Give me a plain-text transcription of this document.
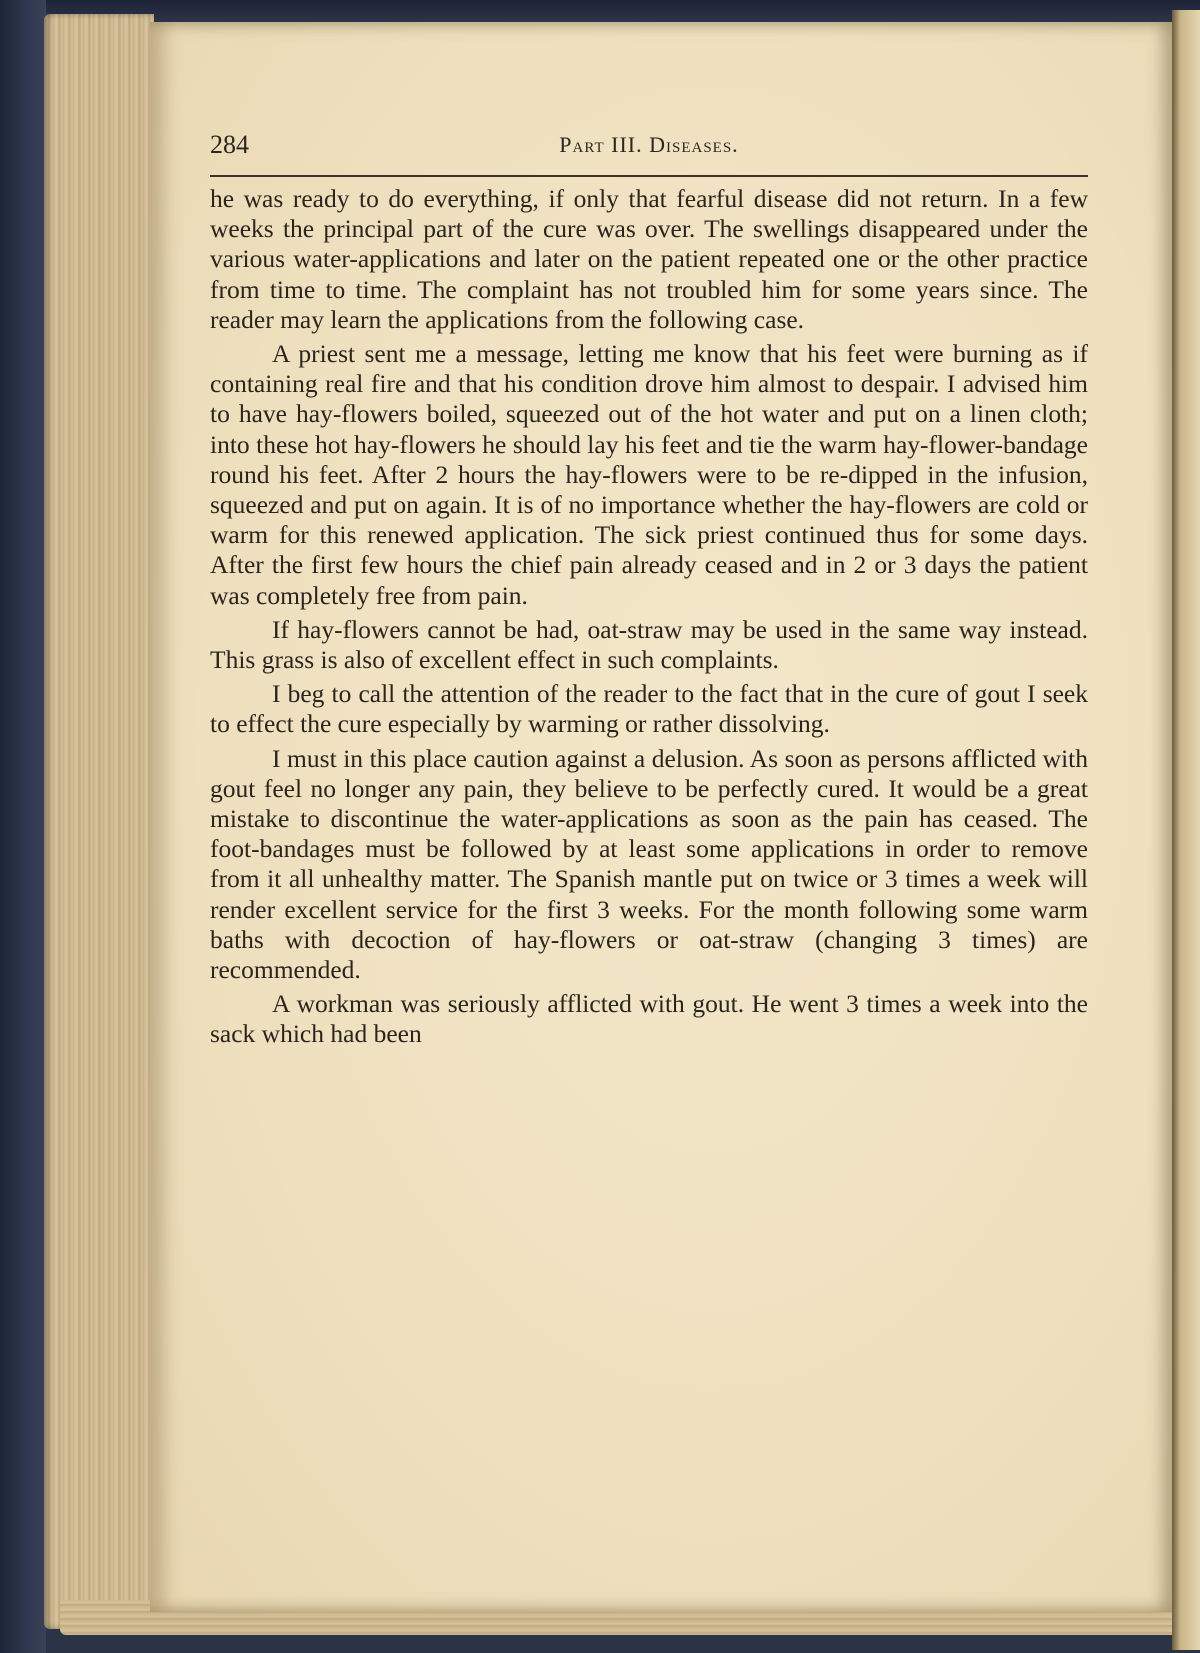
284	Part III. Diseases.

he was ready to do everything, if only that fearful disease did not return. In a few weeks the principal part of the cure was over. The swellings disappeared under the various water-applications and later on the patient repeated one or the other practice from time to time. The complaint has not troubled him for some years since. The reader may learn the applications from the following case.

A priest sent me a message, letting me know that his feet were burning as if containing real fire and that his condition drove him almost to despair. I advised him to have hay-flowers boiled, squeezed out of the hot water and put on a linen cloth; into these hot hay-flowers he should lay his feet and tie the warm hay-flower-bandage round his feet. After 2 hours the hay-flowers were to be re-dipped in the infusion, squeezed and put on again. It is of no importance whether the hay-flowers are cold or warm for this renewed application. The sick priest continued thus for some days. After the first few hours the chief pain already ceased and in 2 or 3 days the patient was completely free from pain.

If hay-flowers cannot be had, oat-straw may be used in the same way instead. This grass is also of excellent effect in such complaints.

I beg to call the attention of the reader to the fact that in the cure of gout I seek to effect the cure especially by warming or rather dissolving.

I must in this place caution against a delusion. As soon as persons afflicted with gout feel no longer any pain, they believe to be perfectly cured. It would be a great mistake to discontinue the water-applications as soon as the pain has ceased. The foot-bandages must be followed by at least some applications in order to remove from it all unhealthy matter. The Spanish mantle put on twice or 3 times a week will render excellent service for the first 3 weeks. For the month following some warm baths with decoction of hay-flowers or oat-straw (changing 3 times) are recommended.

A workman was seriously afflicted with gout. He went 3 times a week into the sack which had been
